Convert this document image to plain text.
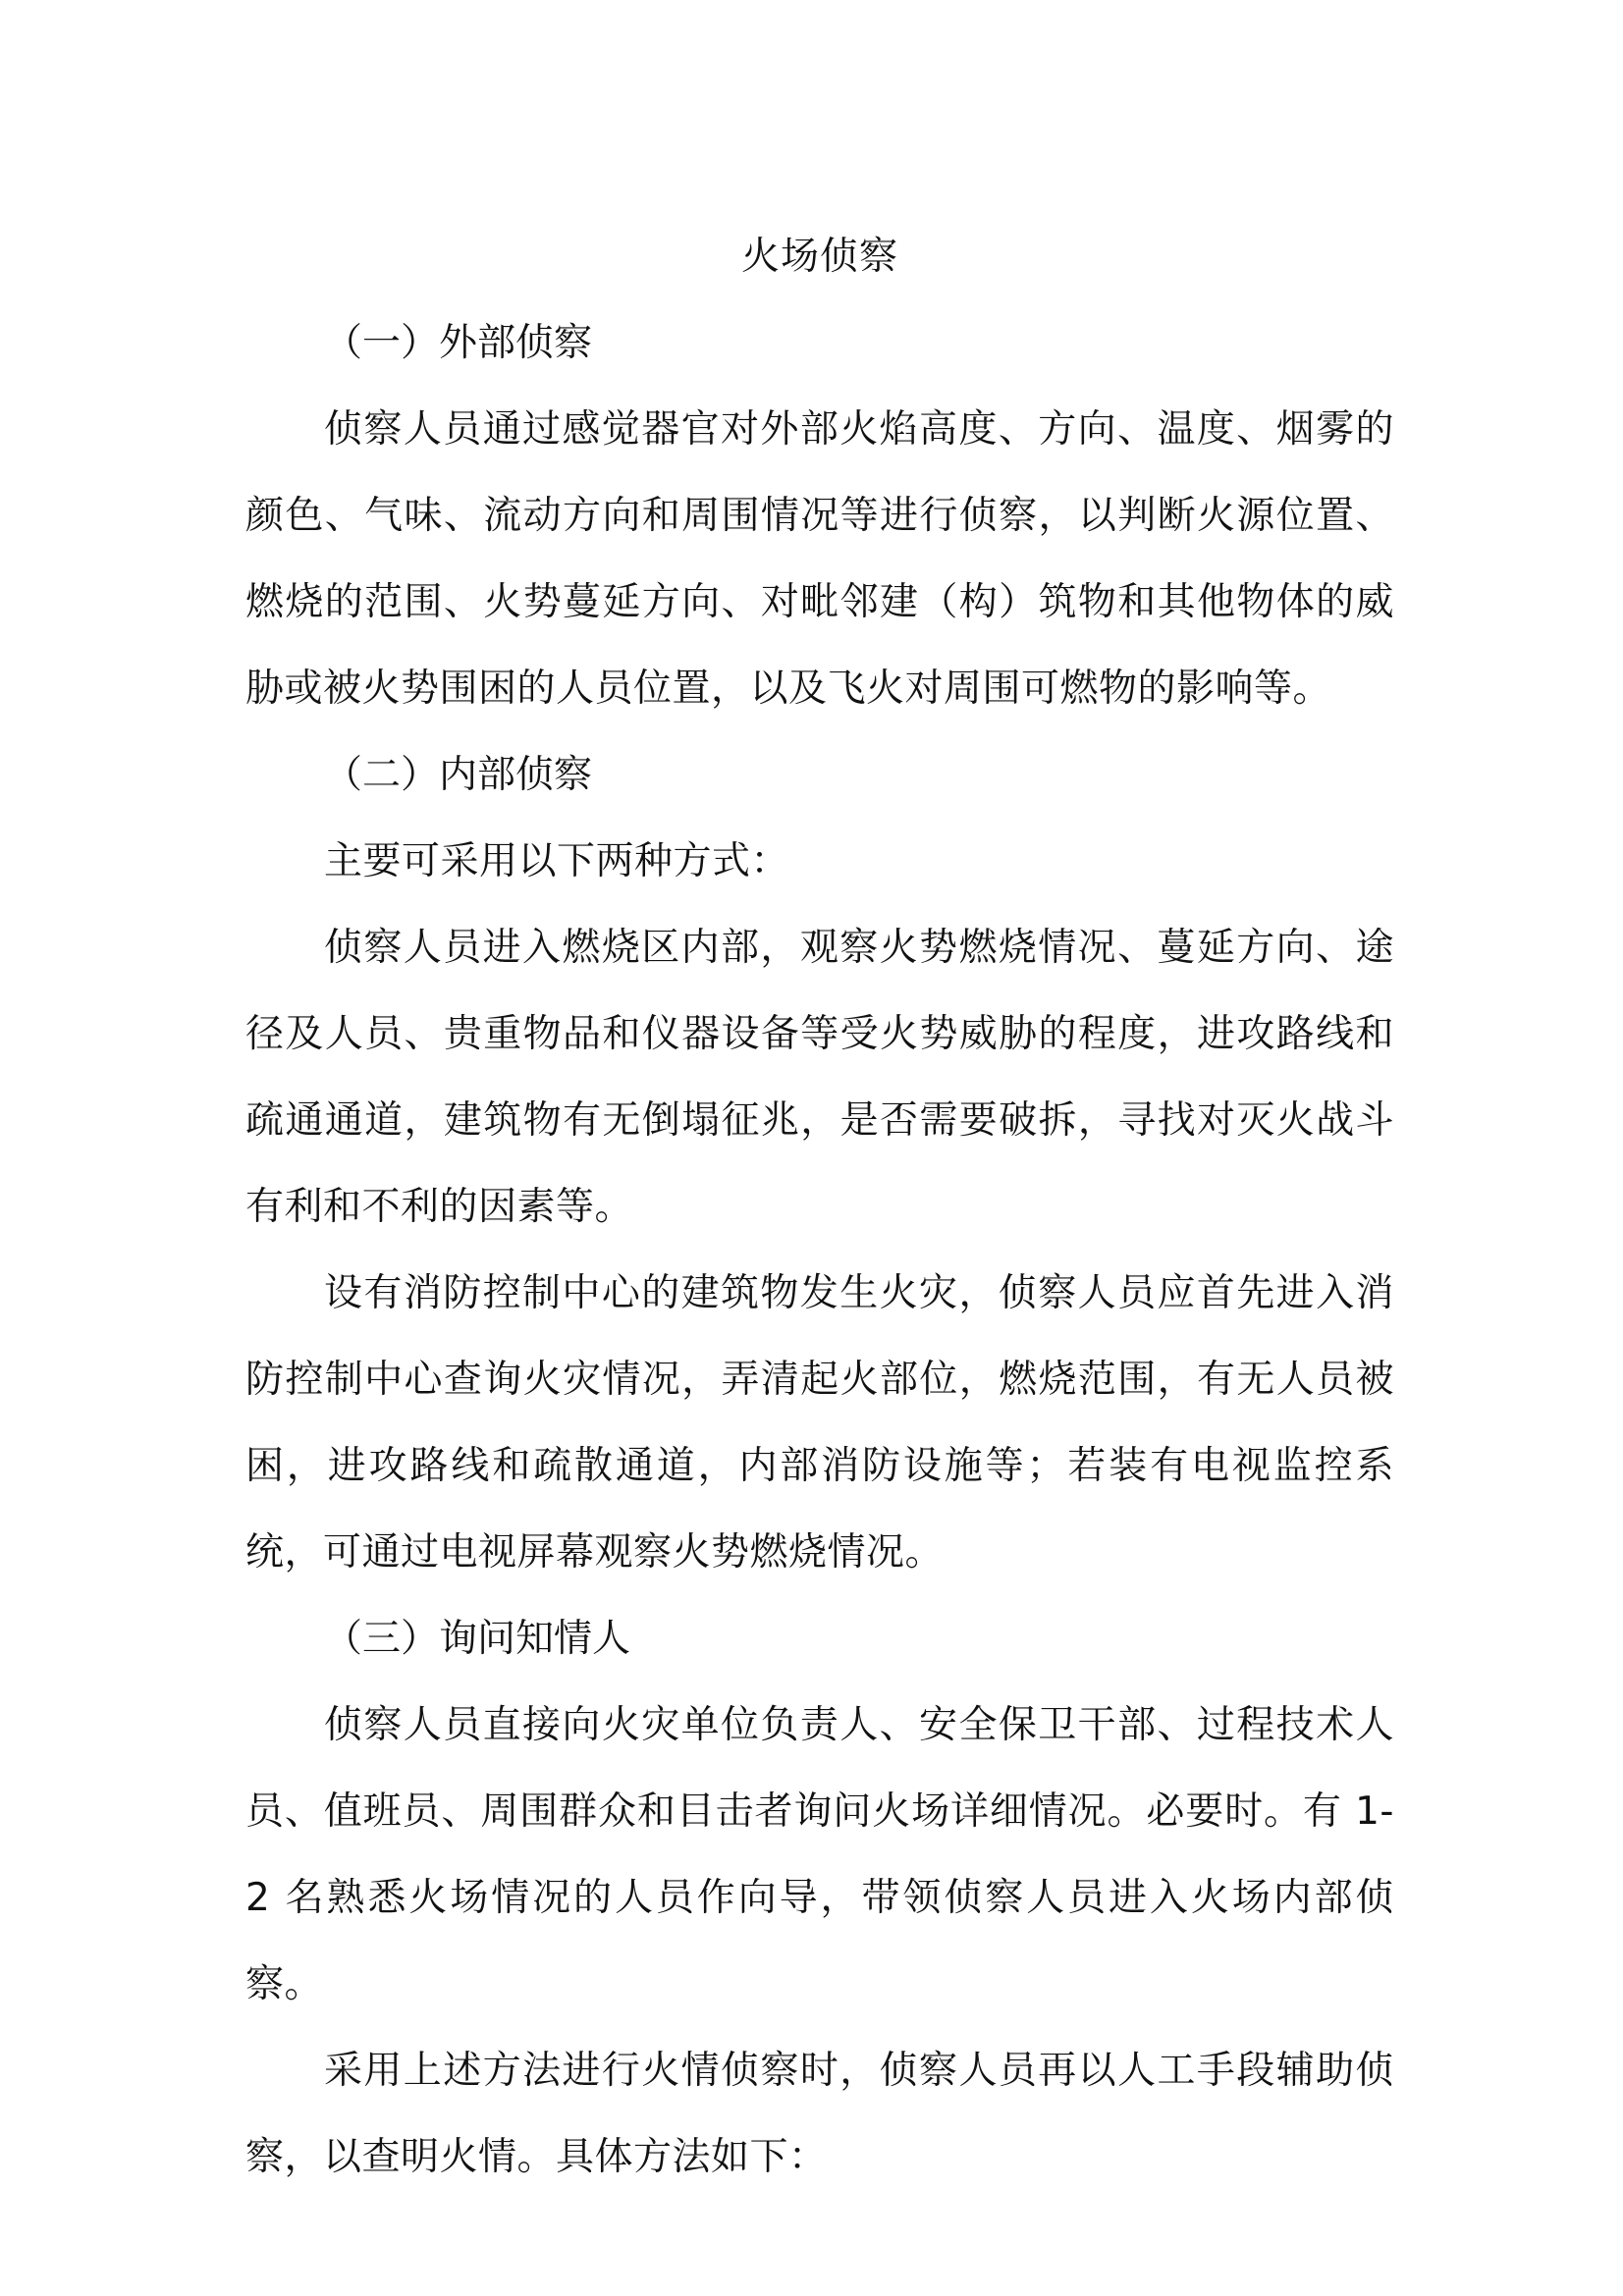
火场侦察
（一）外部侦察

侦察人员通过感觉器官对外部火焰高度、方向、温度、烟雾的颜色、气味、流动方向和周围情况等进行侦察，以判断火源位置、燃烧的范围、火势蔓延方向、对毗邻建（构）筑物和其他物体的威胁或被火势围困的人员位置，以及飞火对周围可燃物的影响等。

（二）内部侦察

主要可采用以下两种方式：

侦察人员进入燃烧区内部，观察火势燃烧情况、蔓延方向、途径及人员、贵重物品和仪器设备等受火势威胁的程度，进攻路线和疏通通道，建筑物有无倒塌征兆，是否需要破拆，寻找对灭火战斗有利和不利的因素等。

设有消防控制中心的建筑物发生火灾，侦察人员应首先进入消防控制中心查询火灾情况，弄清起火部位，燃烧范围，有无人员被困，进攻路线和疏散通道，内部消防设施等；若装有电视监控系统，可通过电视屏幕观察火势燃烧情况。

（三）询问知情人

侦察人员直接向火灾单位负责人、安全保卫干部、过程技术人员、值班员、周围群众和目击者询问火场详细情况。必要时。有 1-2 名熟悉火场情况的人员作向导，带领侦察人员进入火场内部侦察。

采用上述方法进行火情侦察时，侦察人员再以人工手段辅助侦察，以查明火情。具体方法如下：
